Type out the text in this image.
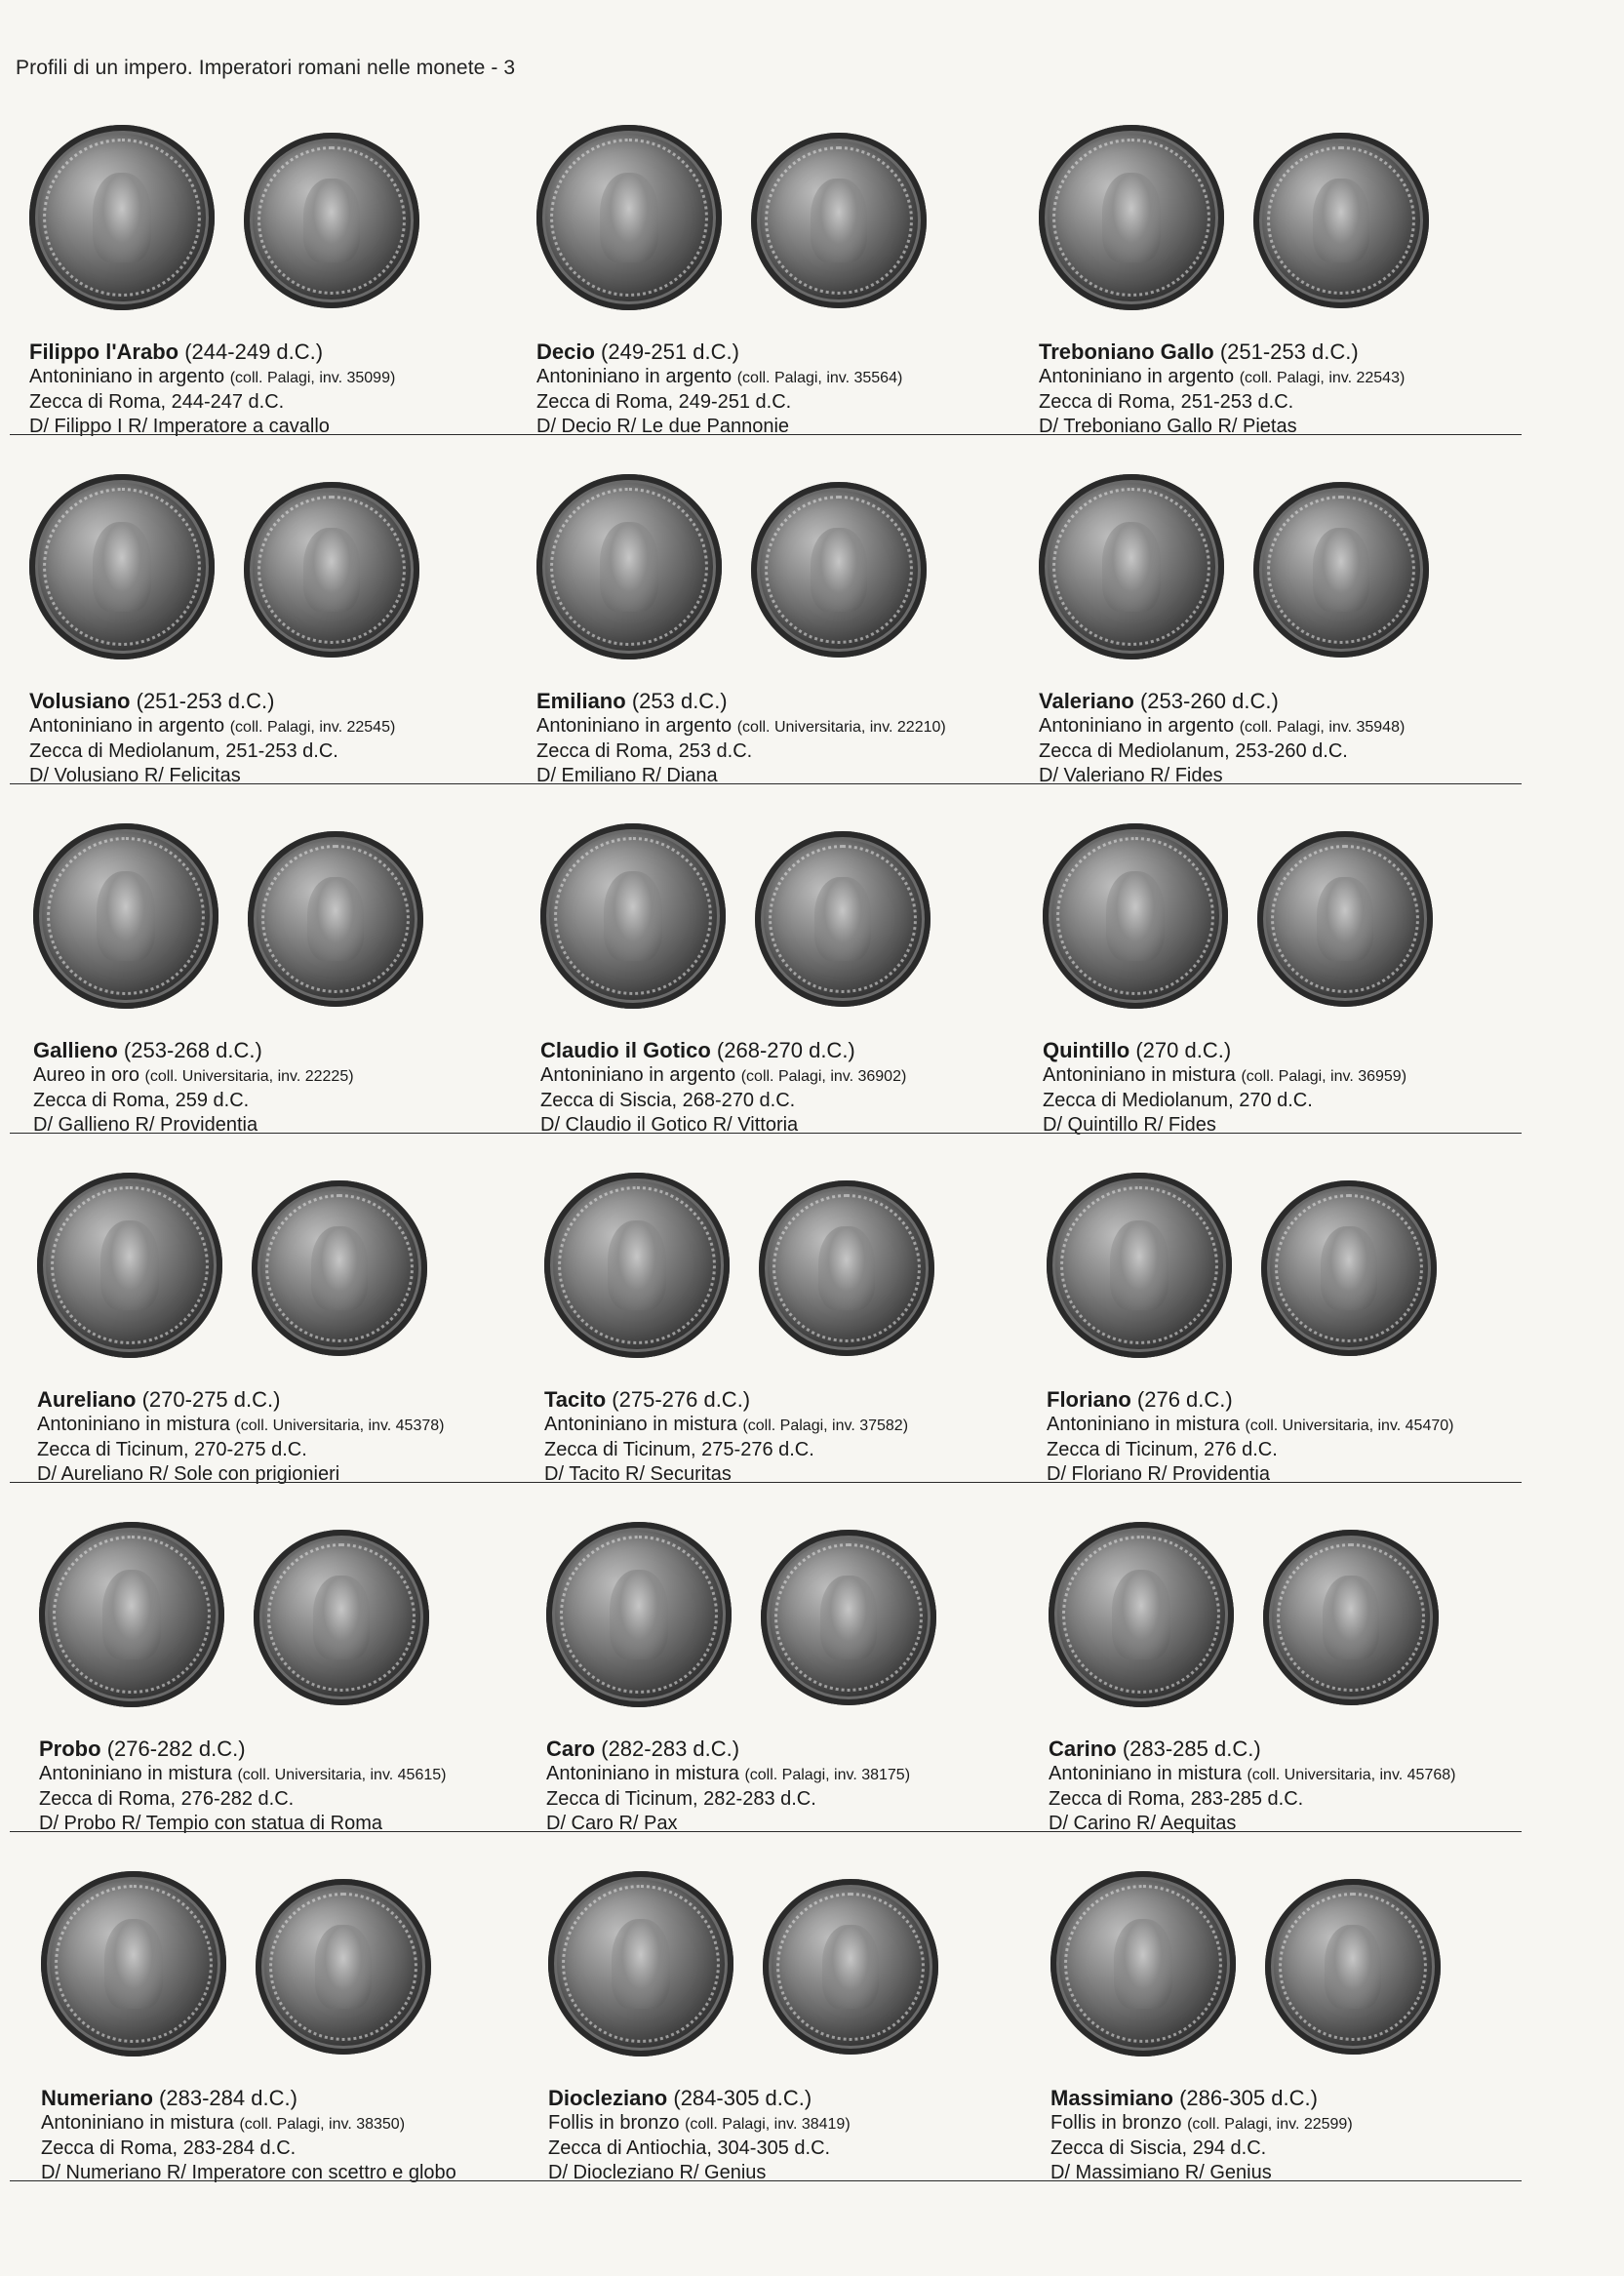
Profili di un impero. Imperatori romani nelle monete - 3
Filippo l'Arabo (244-249 d.C.)
Antoniniano in argento (coll. Palagi, inv. 35099)
Zecca di Roma, 244-247 d.C.
D/ Filippo I R/ Imperatore a cavallo
Decio (249-251 d.C.)
Antoniniano in argento (coll. Palagi, inv. 35564)
Zecca di Roma, 249-251 d.C.
D/ Decio R/ Le due Pannonie
Treboniano Gallo (251-253 d.C.)
Antoniniano in argento (coll. Palagi, inv. 22543)
Zecca di Roma, 251-253 d.C.
D/ Treboniano Gallo R/ Pietas
Volusiano (251-253 d.C.)
Antoniniano in argento (coll. Palagi, inv. 22545)
Zecca di Mediolanum, 251-253 d.C.
D/ Volusiano R/ Felicitas
Emiliano (253 d.C.)
Antoniniano in argento (coll. Universitaria, inv. 22210)
Zecca di Roma, 253 d.C.
D/ Emiliano R/ Diana
Valeriano (253-260 d.C.)
Antoniniano in argento (coll. Palagi, inv. 35948)
Zecca di Mediolanum, 253-260 d.C.
D/ Valeriano R/ Fides
Gallieno (253-268 d.C.)
Aureo in oro (coll. Universitaria, inv. 22225)
Zecca di Roma, 259 d.C.
D/ Gallieno R/ Providentia
Claudio il Gotico (268-270 d.C.)
Antoniniano in argento (coll. Palagi, inv. 36902)
Zecca di Siscia, 268-270 d.C.
D/ Claudio il Gotico R/ Vittoria
Quintillo (270 d.C.)
Antoniniano in mistura (coll. Palagi, inv. 36959)
Zecca di Mediolanum, 270 d.C.
D/ Quintillo R/ Fides
Aureliano (270-275 d.C.)
Antoniniano in mistura (coll. Universitaria, inv. 45378)
Zecca di Ticinum, 270-275 d.C.
D/ Aureliano R/ Sole con prigionieri
Tacito (275-276 d.C.)
Antoniniano in mistura (coll. Palagi, inv. 37582)
Zecca di Ticinum, 275-276 d.C.
D/ Tacito R/ Securitas
Floriano (276 d.C.)
Antoniniano in mistura (coll. Universitaria, inv. 45470)
Zecca di Ticinum, 276 d.C.
D/ Floriano R/ Providentia
Probo (276-282 d.C.)
Antoniniano in mistura (coll. Universitaria, inv. 45615)
Zecca di Roma, 276-282 d.C.
D/ Probo R/ Tempio con statua di Roma
Caro (282-283 d.C.)
Antoniniano in mistura (coll. Palagi, inv. 38175)
Zecca di Ticinum, 282-283 d.C.
D/ Caro R/ Pax
Carino (283-285 d.C.)
Antoniniano in mistura (coll. Universitaria, inv. 45768)
Zecca di Roma, 283-285 d.C.
D/ Carino R/ Aequitas
Numeriano (283-284 d.C.)
Antoniniano in mistura (coll. Palagi, inv. 38350)
Zecca di Roma, 283-284 d.C.
D/ Numeriano R/ Imperatore con scettro e globo
Diocleziano (284-305 d.C.)
Follis in bronzo (coll. Palagi, inv. 38419)
Zecca di Antiochia, 304-305 d.C.
D/ Diocleziano R/ Genius
Massimiano (286-305 d.C.)
Follis in bronzo (coll. Palagi, inv. 22599)
Zecca di Siscia, 294 d.C.
D/ Massimiano R/ Genius
